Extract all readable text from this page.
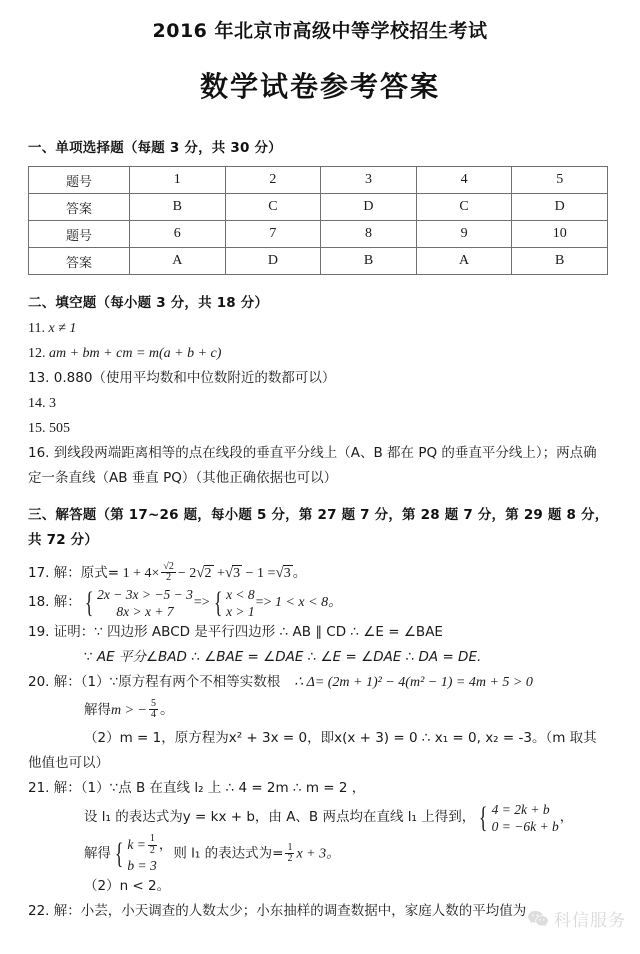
2016 年北京市高级中等学校招生考试
数学试卷参考答案
一、单项选择题（每题 3 分，共 30 分）
题号	1	2	3	4	5
答案	B	C	D	C	D
题号	6	7	8	9	10
答案	A	D	B	A	B
二、填空题（每小题 3 分，共 18 分）
11. x ≠ 1
12. am + bm + cm = m(a + b + c)
13. 0.880（使用平均数和中位数附近的数都可以）
14. 3
15. 505
16. 到线段两端距离相等的点在线段的垂直平分线上（A、B 都在 PQ 的垂直平分线上）；两点确定一条直线（AB 垂直 PQ）（其他正确依据也可以）
三、解答题（第 17~26 题，每小题 5 分，第 27 题 7 分，第 28 题 7 分，第 29 题 8 分，共 72 分）
17. 解：原式= $1 + 4\times \frac{√2}{2} - 2√2 +√3 - 1 =√3$ 。
18. 解： { 2x − 3x > −5 − 3
8x > x + 7
=> { x < 8
x > 1
=> 1 < x < 8。
19. 证明：∵ 四边形 ABCD 是平行四边形 ∴ AB ∥ CD ∴ ∠E = ∠BAE
∵ AE 平分∠BAD ∴ ∠BAE = ∠DAE ∴ ∠E = ∠DAE ∴ DA = DE.
20. 解：（1）∵原方程有两个不相等实数根 ∴ Δ= (2m + 1)² − 4(m² − 1) = 4m + 5 > 0
解得m > − $\frac{5}{4}$ 。
（2）m = 1，原方程为x² + 3x = 0，即x(x + 3) = 0 ∴ x₁ = 0, x₂ = -3。（m 取其
他值也可以）
21. 解：（1）∵点 B 在直线 l₂ 上 ∴ 4 = 2m ∴ m = 2 ，
设 l₁ 的表达式为y = kx + b，由 A、B 两点均在直线 l₁ 上得到， { 4 = 2k + b
0 = −6k + b
，
解得 { $k = \frac{1}{2}$ ，
b = 3
则 l₁ 的表达式为= $\frac{1}{2}$ x + 3。
（2）n < 2。
22. 解：小芸，小天调查的人数太少；小东抽样的调查数据中，家庭人数的平均值为	科信服务
